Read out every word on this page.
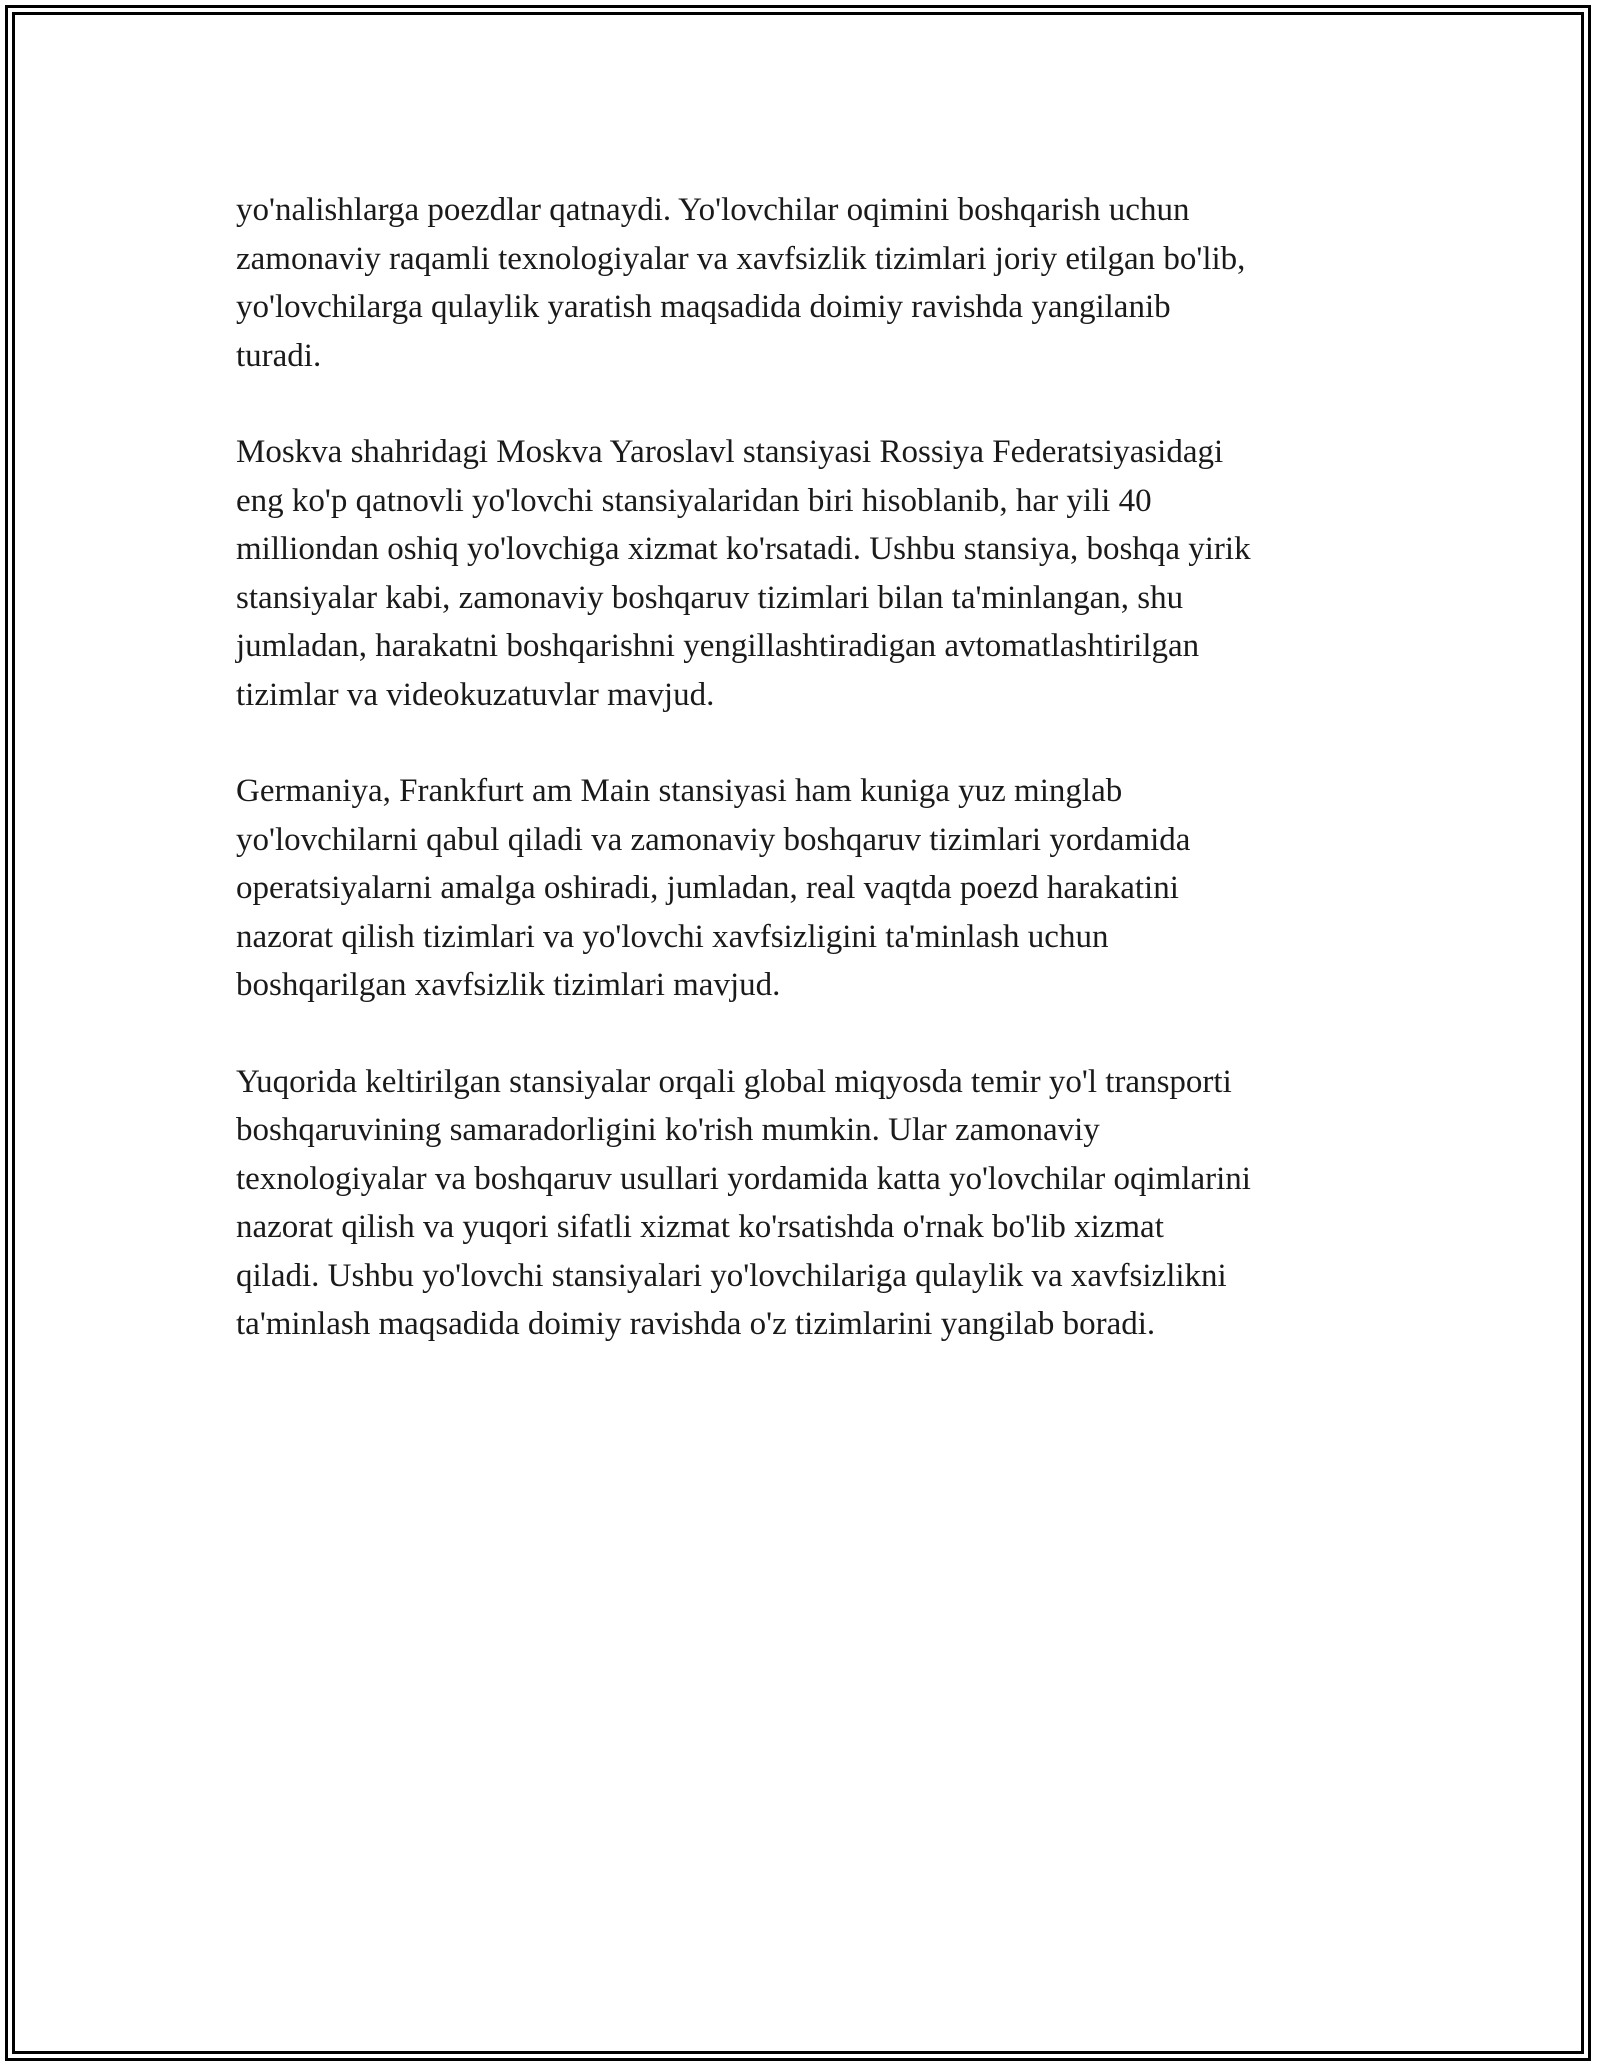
yo'nalishlarga poezdlar qatnaydi. Yo'lovchilar oqimini boshqarish uchun
zamonaviy raqamli texnologiyalar va xavfsizlik tizimlari joriy etilgan bo'lib,
yo'lovchilarga qulaylik yaratish maqsadida doimiy ravishda yangilanib
turadi.

Moskva shahridagi Moskva Yaroslavl stansiyasi Rossiya Federatsiyasidagi
eng ko'p qatnovli yo'lovchi stansiyalaridan biri hisoblanib, har yili 40
milliondan oshiq yo'lovchiga xizmat ko'rsatadi. Ushbu stansiya, boshqa yirik
stansiyalar kabi, zamonaviy boshqaruv tizimlari bilan ta'minlangan, shu
jumladan, harakatni boshqarishni yengillashtiradigan avtomatlashtirilgan
tizimlar va videokuzatuvlar mavjud.

Germaniya, Frankfurt am Main stansiyasi ham kuniga yuz minglab
yo'lovchilarni qabul qiladi va zamonaviy boshqaruv tizimlari yordamida
operatsiyalarni amalga oshiradi, jumladan, real vaqtda poezd harakatini
nazorat qilish tizimlari va yo'lovchi xavfsizligini ta'minlash uchun
boshqarilgan xavfsizlik tizimlari mavjud.

Yuqorida keltirilgan stansiyalar orqali global miqyosda temir yo'l transporti
boshqaruvining samaradorligini ko'rish mumkin. Ular zamonaviy
texnologiyalar va boshqaruv usullari yordamida katta yo'lovchilar oqimlarini
nazorat qilish va yuqori sifatli xizmat ko'rsatishda o'rnak bo'lib xizmat
qiladi. Ushbu yo'lovchi stansiyalari yo'lovchilariga qulaylik va xavfsizlikni
ta'minlash maqsadida doimiy ravishda o'z tizimlarini yangilab boradi.
